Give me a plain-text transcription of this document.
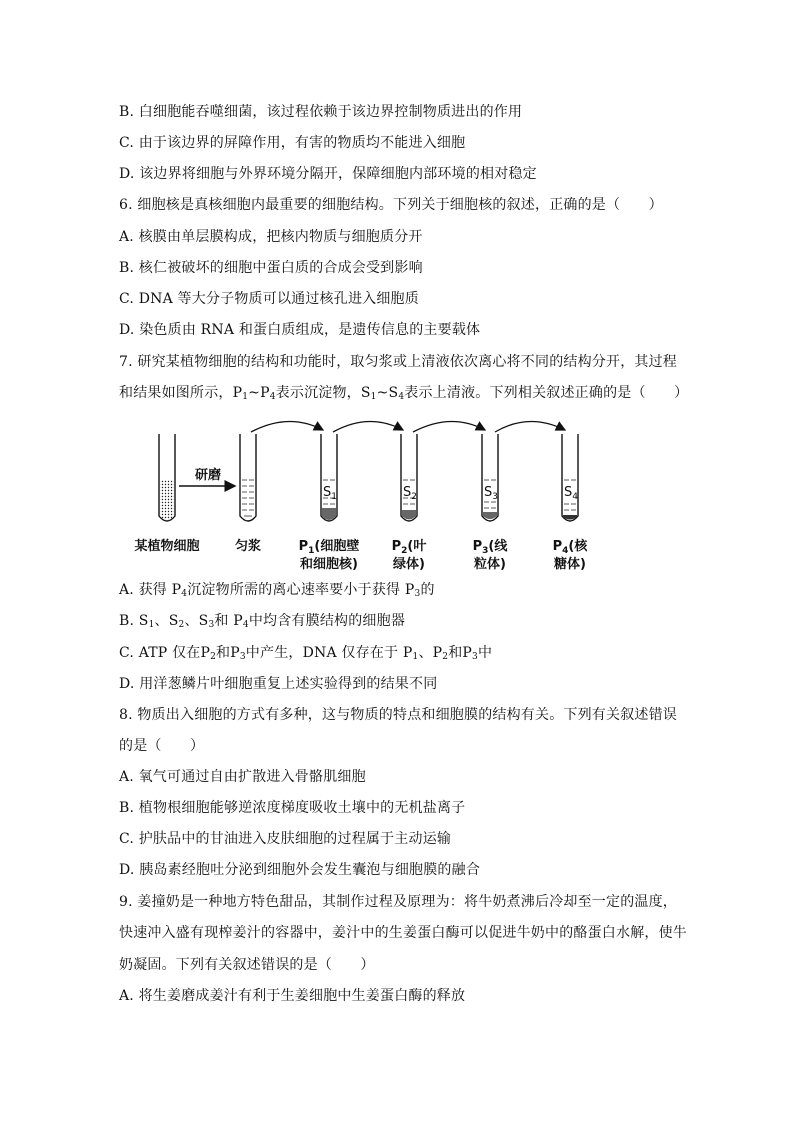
B. 白细胞能吞噬细菌，该过程依赖于该边界控制物质进出的作用
C. 由于该边界的屏障作用，有害的物质均不能进入细胞
D. 该边界将细胞与外界环境分隔开，保障细胞内部环境的相对稳定
6. 细胞核是真核细胞内最重要的细胞结构。下列关于细胞核的叙述，正确的是（　　）
A. 核膜由单层膜构成，把核内物质与细胞质分开
B. 核仁被破坏的细胞中蛋白质的合成会受到影响
C. DNA 等大分子物质可以通过核孔进入细胞质
D. 染色质由 RNA 和蛋白质组成，是遗传信息的主要载体
7. 研究某植物细胞的结构和功能时，取匀浆或上清液依次离心将不同的结构分开，其过程
和结果如图所示，$P_1\sim P_4$表示沉淀物，$S_1\sim S_4$表示上清液。下列相关叙述正确的是（　　）
研磨
$S_1$	$S_2$	$S_3$	$S_4$
某植物细胞	匀浆	$P_1$(细胞壁
和细胞核)
$P_2$(叶
绿体)
$P_3$(线
粒体)
$P_4$(核
糖体)
A. 获得 $P_4$沉淀物所需的离心速率要小于获得 $P_3$的
B. $S_1$、$S_2$、$S_3$和 $P_4$中均含有膜结构的细胞器
C. ATP 仅在$P_2$和$P_3$中产生，DNA 仅存在于 $P_1$、$P_2$和$P_3$中
D. 用洋葱鳞片叶细胞重复上述实验得到的结果不同
8. 物质出入细胞的方式有多种，这与物质的特点和细胞膜的结构有关。下列有关叙述错误
的是（　　）
A. 氧气可通过自由扩散进入骨骼肌细胞
B. 植物根细胞能够逆浓度梯度吸收土壤中的无机盐离子
C. 护肤品中的甘油进入皮肤细胞的过程属于主动运输
D. 胰岛素经胞吐分泌到细胞外会发生囊泡与细胞膜的融合
9. 姜撞奶是一种地方特色甜品，其制作过程及原理为：将牛奶煮沸后冷却至一定的温度，
快速冲入盛有现榨姜汁的容器中，姜汁中的生姜蛋白酶可以促进牛奶中的酪蛋白水解，使牛
奶凝固。下列有关叙述错误的是（　　）
A. 将生姜磨成姜汁有利于生姜细胞中生姜蛋白酶的释放
